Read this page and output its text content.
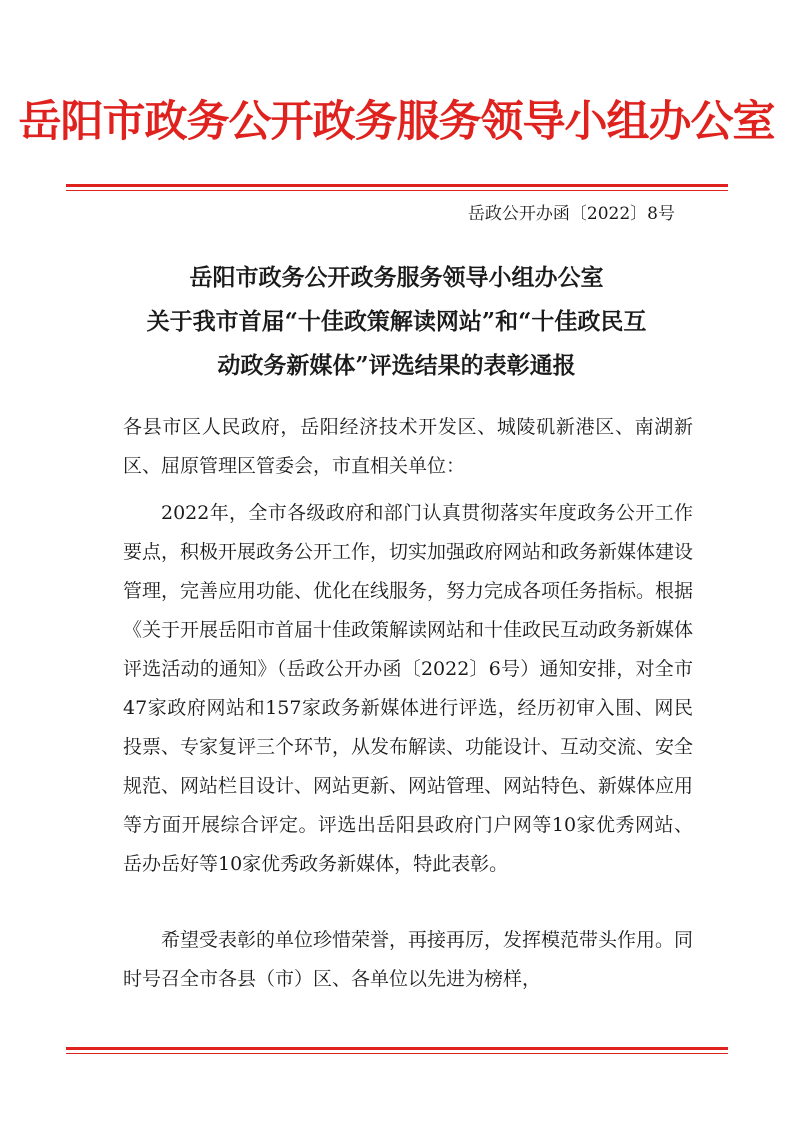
岳阳市政务公开政务服务领导小组办公室
岳政公开办函〔2022〕8号
岳阳市政务公开政务服务领导小组办公室
关于我市首届“十佳政策解读网站”和“十佳政民互
动政务新媒体”评选结果的表彰通报
各县市区人民政府，岳阳经济技术开发区、城陵矶新港区、南湖新区、屈原管理区管委会，市直相关单位：
2022年，全市各级政府和部门认真贯彻落实年度政务公开工作要点，积极开展政务公开工作，切实加强政府网站和政务新媒体建设管理，完善应用功能、优化在线服务，努力完成各项任务指标。根据《关于开展岳阳市首届十佳政策解读网站和十佳政民互动政务新媒体评选活动的通知》（岳政公开办函〔2022〕6号）通知安排，对全市47家政府网站和157家政务新媒体进行评选，经历初审入围、网民投票、专家复评三个环节，从发布解读、功能设计、互动交流、安全规范、网站栏目设计、网站更新、网站管理、网站特色、新媒体应用等方面开展综合评定。评选出岳阳县政府门户网等10家优秀网站、岳办岳好等10家优秀政务新媒体，特此表彰。
希望受表彰的单位珍惜荣誉，再接再厉，发挥模范带头作用。同时号召全市各县（市）区、各单位以先进为榜样，
